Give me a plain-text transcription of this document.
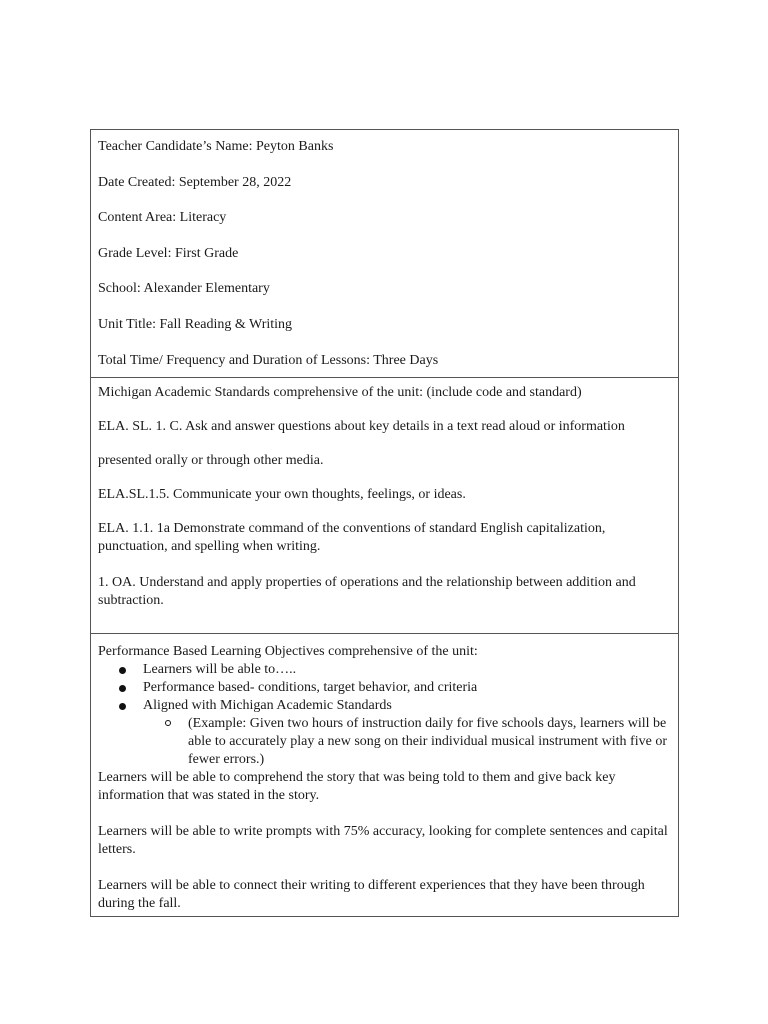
Teacher Candidate’s Name: Peyton Banks

Date Created: September 28, 2022

Content Area: Literacy

Grade Level: First Grade

School: Alexander Elementary

Unit Title: Fall Reading & Writing

Total Time/ Frequency and Duration of Lessons: Three Days

Michigan Academic Standards comprehensive of the unit: (include code and standard)

ELA. SL. 1. C. Ask and answer questions about key details in a text read aloud or information

presented orally or through other media.

ELA.SL.1.5. Communicate your own thoughts, feelings, or ideas.

ELA. 1.1. 1a Demonstrate command of the conventions of standard English capitalization, punctuation, and spelling when writing.

1. OA. Understand and apply properties of operations and the relationship between addition and subtraction.

Performance Based Learning Objectives comprehensive of the unit:

Learners will be able to…..
Performance based- conditions, target behavior, and criteria
Aligned with Michigan Academic Standards
(Example: Given two hours of instruction daily for five schools days, learners will be able to accurately play a new song on their individual musical instrument with five or fewer errors.)

Learners will be able to comprehend the story that was being told to them and give back key information that was stated in the story.

Learners will be able to write prompts with 75% accuracy, looking for complete sentences and capital letters.

Learners will be able to connect their writing to different experiences that they have been through during the fall.
